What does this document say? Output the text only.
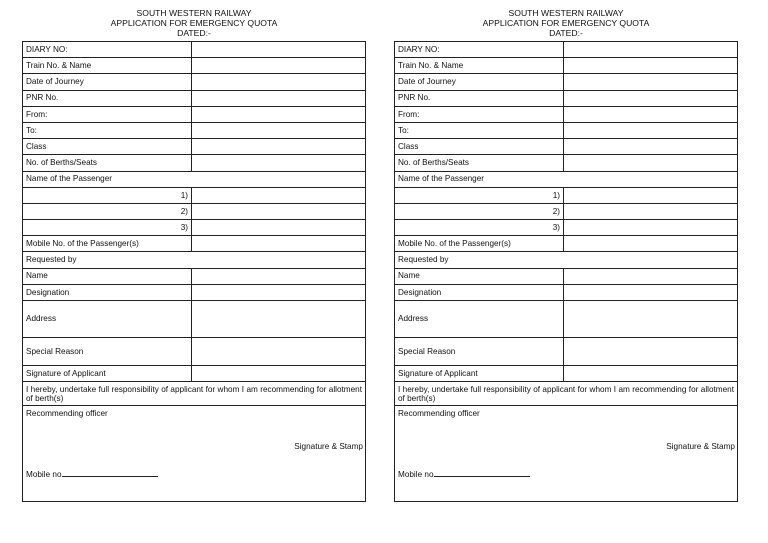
SOUTH WESTERN RAILWAY
APPLICATION FOR EMERGENCY QUOTA
DATED:-
DIARY NO:	
Train No. & Name	
Date of Journey	
PNR No.	
From:	
To:	
Class	
No. of Berths/Seats	
Name of the Passenger	
1)	
2)	
3)	
Mobile No. of the Passenger(s)	
Requested by	
Name	
Designation	
Address	
Special Reason	
Signature of Applicant	
I hereby, undertake full responsibility of applicant for whom I am recommending for allotment of berth(s)	

Recommending officer
Signature & Stamp
Mobile no	
SOUTH WESTERN RAILWAY
APPLICATION FOR EMERGENCY QUOTA
DATED:-
DIARY NO:	
Train No. & Name	
Date of Journey	
PNR No.	
From:	
To:	
Class	
No. of Berths/Seats	
Name of the Passenger	
1)	
2)	
3)	
Mobile No. of the Passenger(s)	
Requested by	
Name	
Designation	
Address	
Special Reason	
Signature of Applicant	
I hereby, undertake full responsibility of applicant for whom I am recommending for allotment of berth(s)	

Recommending officer
Signature & Stamp
Mobile no	
